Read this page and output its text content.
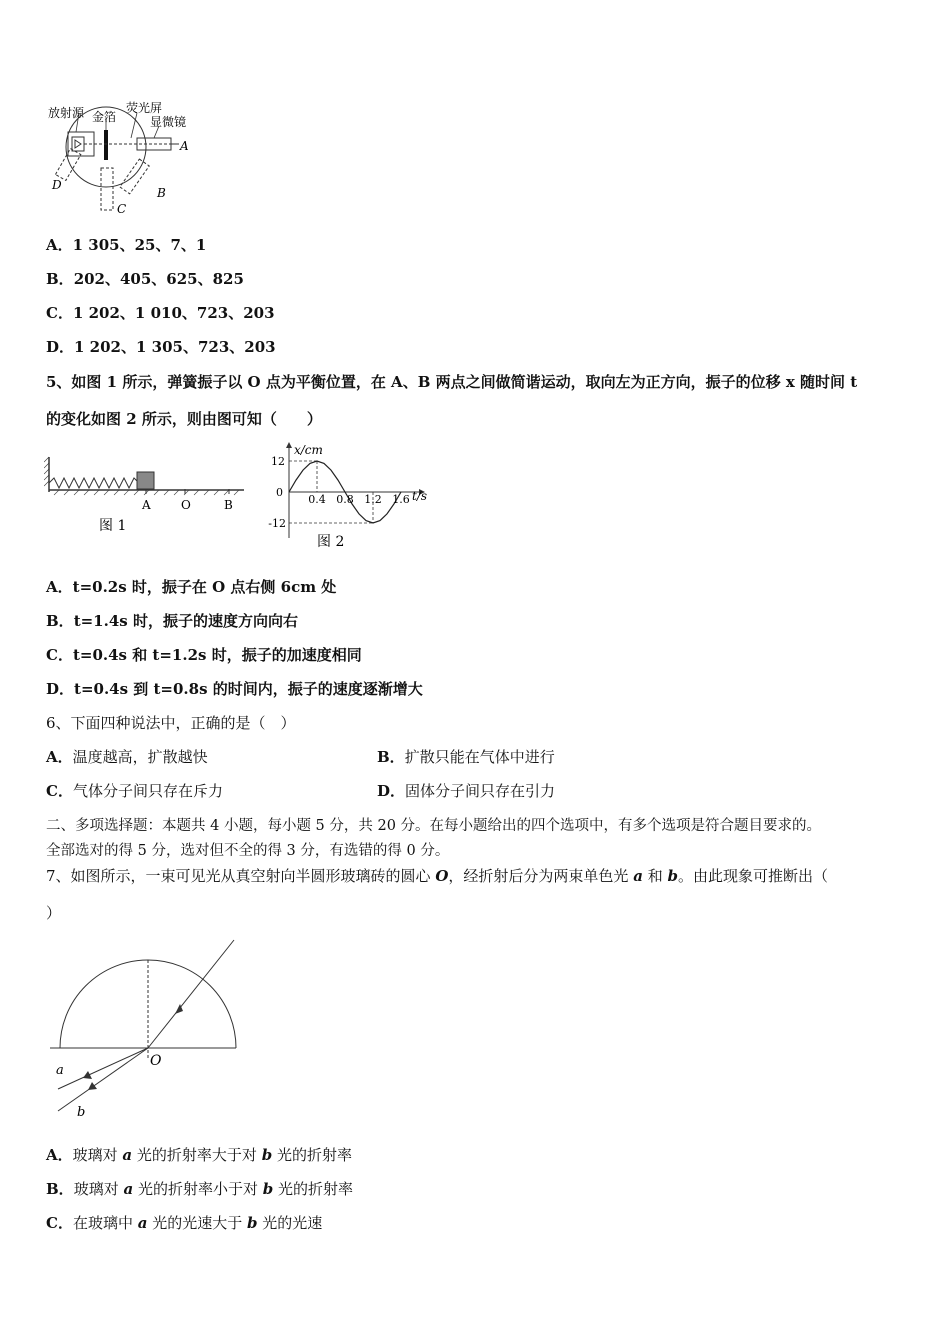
放射源 金箔
荧光屏
显微镜
A
B
C
D
A．1 305、25、7、1
B．202、405、625、825
C．1 202、1 010、723、203
D．1 202、1 305、723、203
5、如图 1 所示，弹簧振子以 O 点为平衡位置，在 A、B 两点之间做简谐运动，取向左为正方向，振子的位移 x 随时间 t
的变化如图 2 所示，则由图可知（　　）
A	O	B
图 1
0.4 0.8 1.2 1.6
12
0
-12
x/cm
t/s
图 2
A．t=0.2s 时，振子在 O 点右侧 6cm 处
B．t=1.4s 时，振子的速度方向向右
C．t=0.4s 和 t=1.2s 时，振子的加速度相同
D．t=0.4s 到 t=0.8s 的时间内，振子的速度逐渐增大
6、下面四种说法中，正确的是（　）
A．温度越高，扩散越快	B．扩散只能在气体中进行
C．气体分子间只存在斥力	D．固体分子间只存在引力
二、多项选择题：本题共 4 小题，每小题 5 分，共 20 分。在每小题给出的四个选项中，有多个选项是符合题目要求的。
全部选对的得 5 分，选对但不全的得 3 分，有选错的得 0 分。
7、如图所示，一束可见光从真空射向半圆形玻璃砖的圆心 O，经折射后分为两束单色光 a 和 b。由此现象可推断出（
）
O
a
b
A．玻璃对 a 光的折射率大于对 b 光的折射率
B．玻璃对 a 光的折射率小于对 b 光的折射率
C．在玻璃中 a 光的光速大于 b 光的光速
